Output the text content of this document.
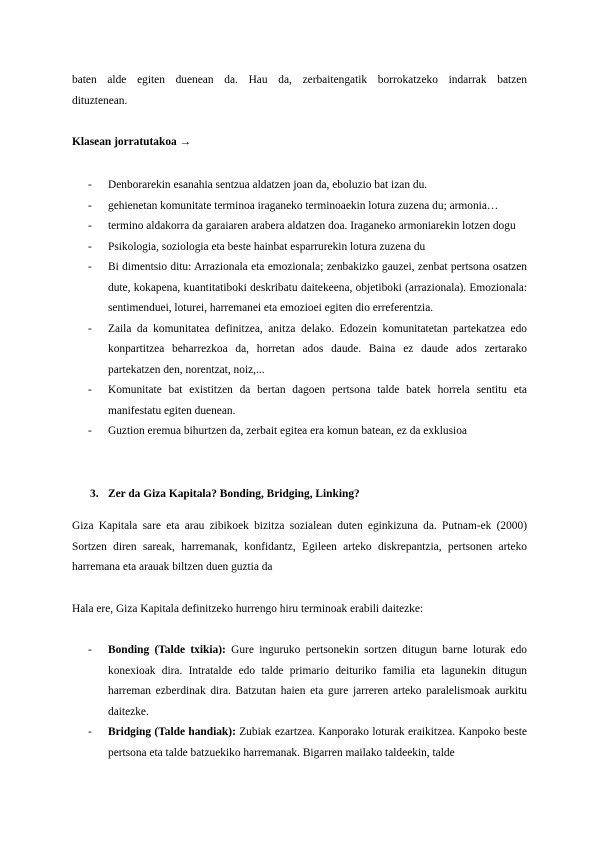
baten alde egiten duenean da. Hau da, zerbaitengatik borrokatzeko indarrak batzen
dituztenean.
Klasean jorratutakoa →
- Denborarekin esanahia sentzua aldatzen joan da, eboluzio bat izan du.
- gehienetan komunitate terminoa iraganeko terminoaekin lotura zuzena du; armonia…
- termino aldakorra da garaiaren arabera aldatzen doa. Iraganeko armoniarekin lotzen dogu
- Psikologia, soziologia eta beste hainbat esparrurekin lotura zuzena du
- Bi dimentsio ditu: Arrazionala eta emozionala; zenbakizko gauzei, zenbat pertsona osatzen dute, kokapena, kuantitatiboki deskribatu daitekeena, objetiboki (arrazionala). Emozionala: sentimenduei, loturei, harremanei eta emozioei egiten dio erreferentzia.
- Zaila da komunitatea definitzea, anitza delako. Edozein komunitatetan partekatzea edo konpartitzea beharrezkoa da, horretan ados daude. Baina ez daude ados zertarako partekatzen den, norentzat, noiz,...
- Komunitate bat existitzen da bertan dagoen pertsona talde batek horrela sentitu eta manifestatu egiten duenean.
- Guztion eremua bihurtzen da, zerbait egitea era komun batean, ez da exklusioa
3. Zer da Giza Kapitala? Bonding, Bridging, Linking?
Giza Kapitala sare eta arau zibikoek bizitza sozialean duten eginkizuna da. Putnam-ek (2000) Sortzen diren sareak, harremanak, konfidantz, Egileen arteko diskrepantzia, pertsonen arteko harremana eta arauak biltzen duen guztia da
Hala ere, Giza Kapitala definitzeko hurrengo hiru terminoak erabili daitezke:
- Bonding (Talde txikia): Gure inguruko pertsonekin sortzen ditugun barne loturak edo konexioak dira. Intratalde edo talde primario deituriko familia eta lagunekin ditugun harreman ezberdinak dira. Batzutan haien eta gure jarreren arteko paralelismoak aurkitu daitezke.
- Bridging (Talde handiak): Zubiak ezartzea. Kanporako loturak eraikitzea. Kanpoko beste pertsona eta talde batzuekiko harremanak. Bigarren mailako taldeekin, talde
